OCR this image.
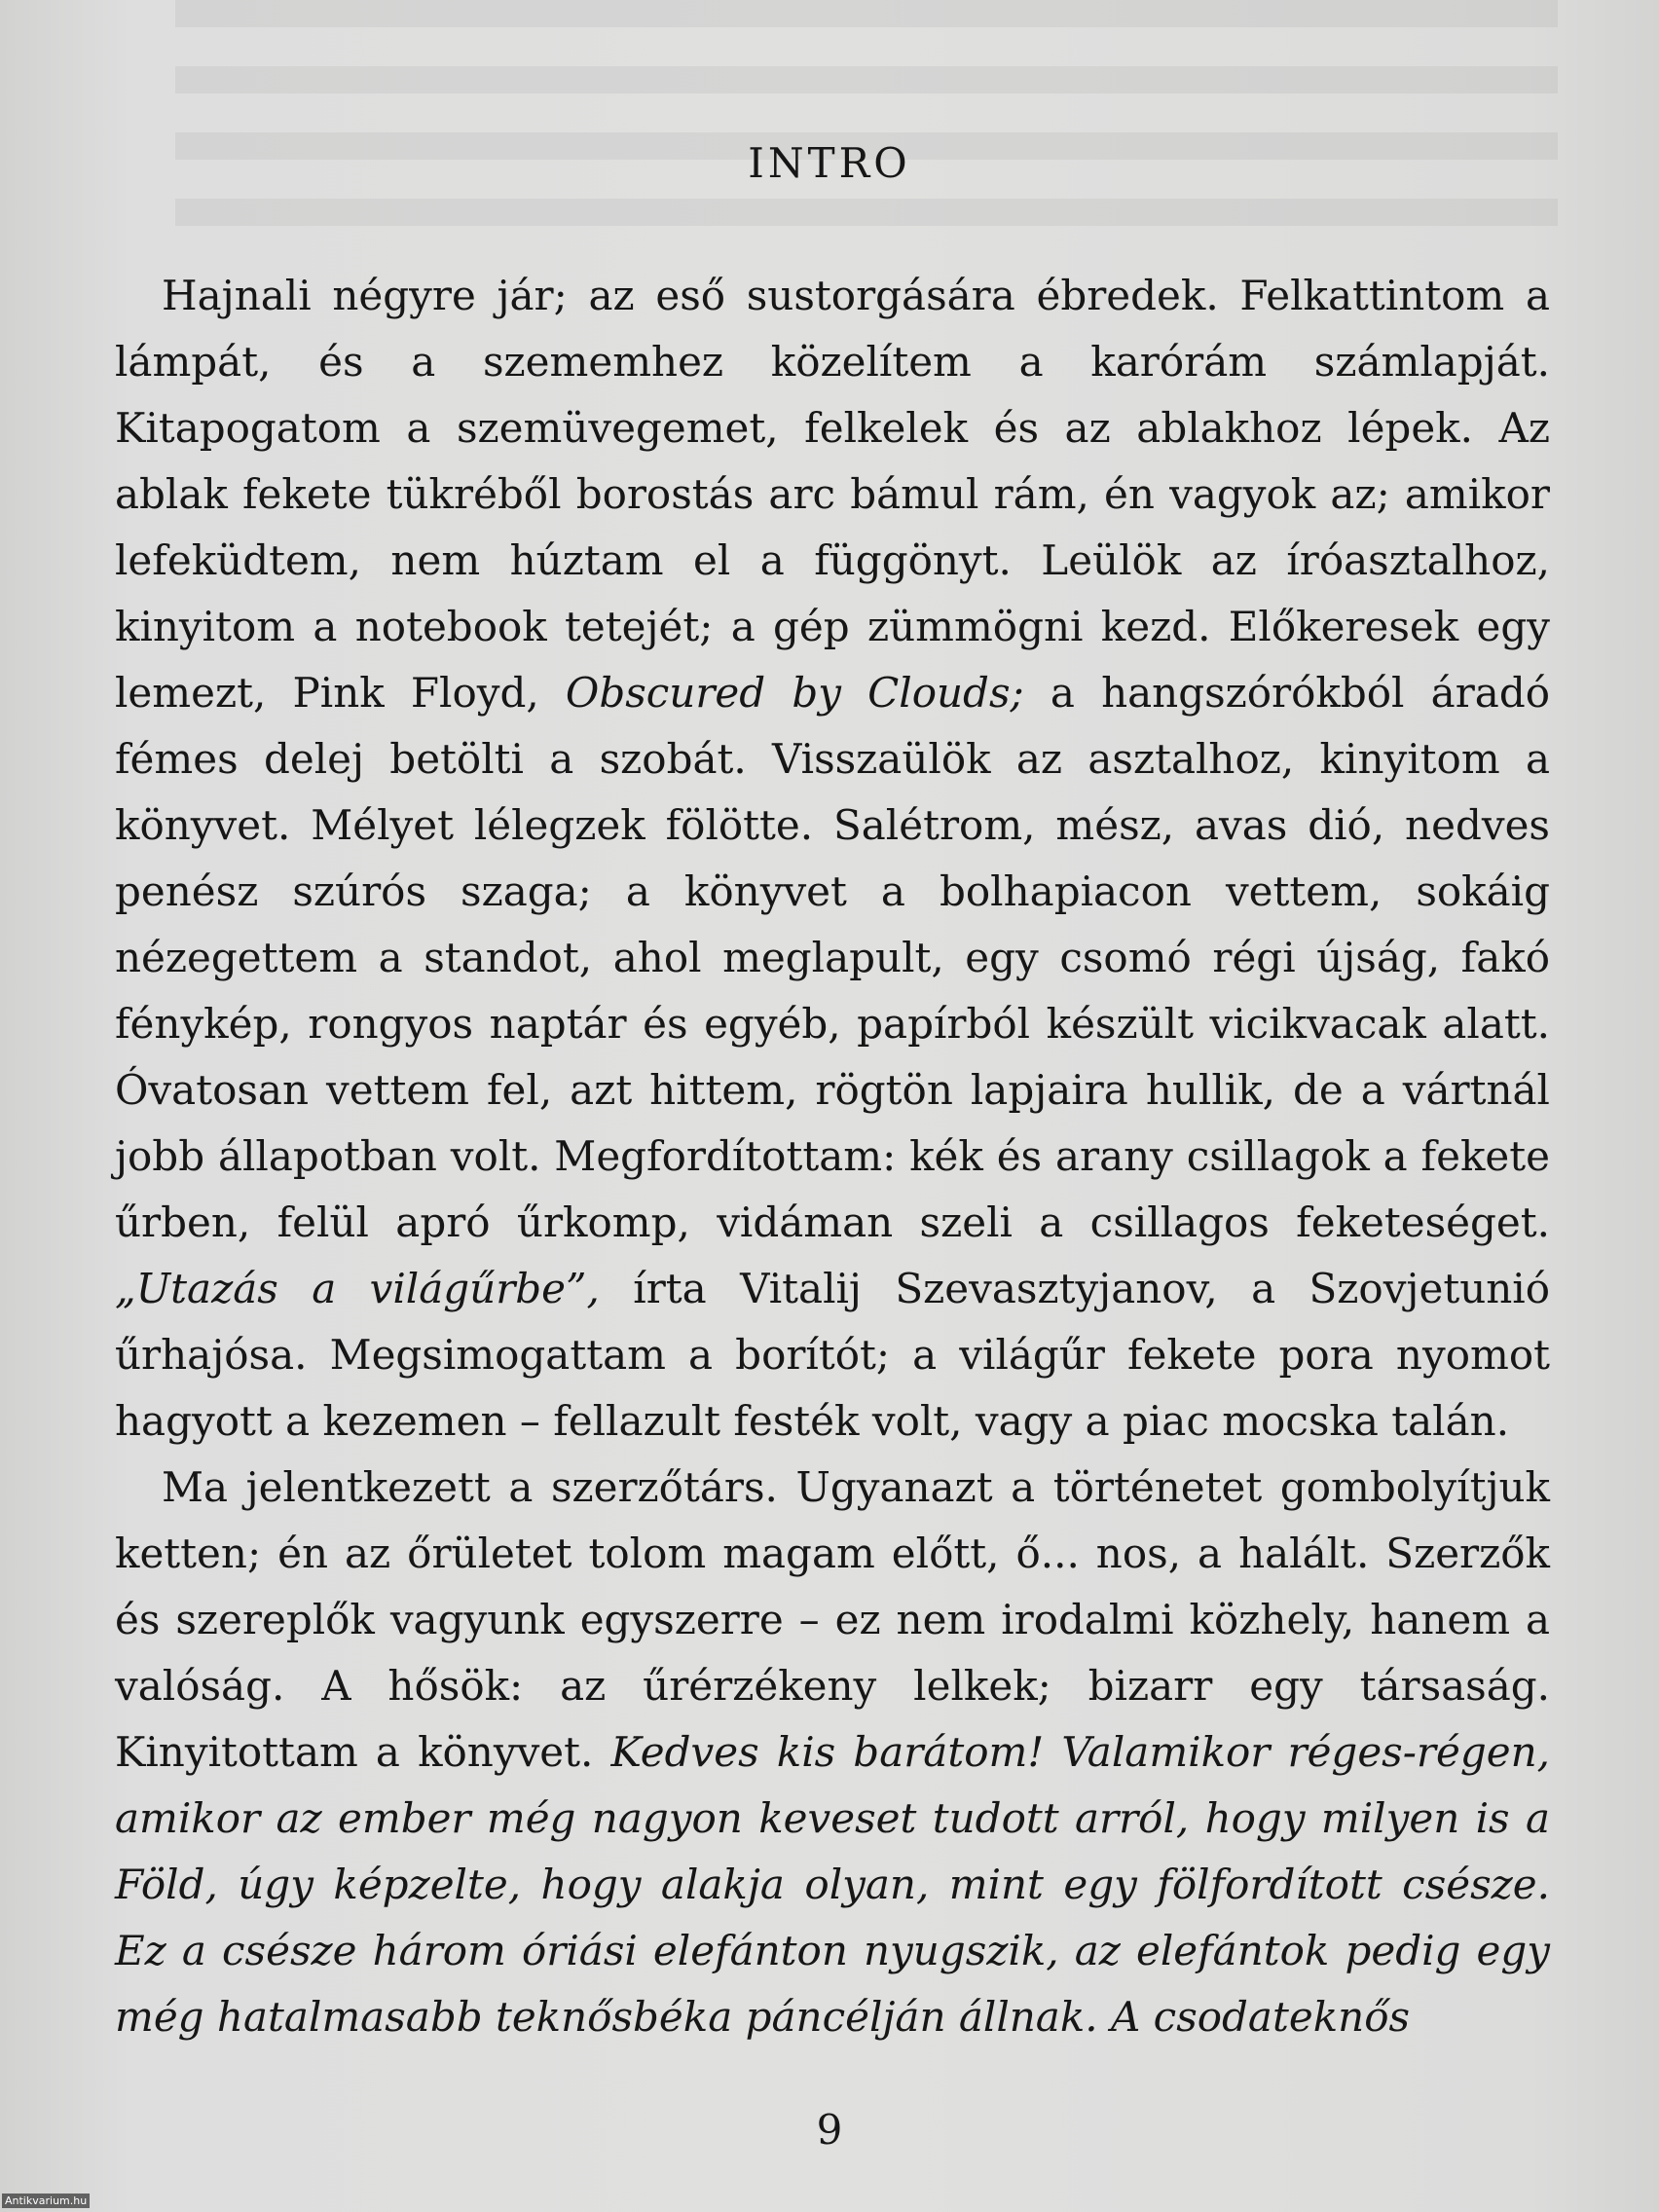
INTRO

Hajnali négyre jár; az eső sustorgására ébredek. Felkattintom a lámpát, és a szememhez közelítem a karórám számlapját. Kitapogatom a szemüvegemet, felkelek és az ablakhoz lépek. Az ablak fekete tükréből borostás arc bámul rám, én vagyok az; amikor lefeküdtem, nem húztam el a függönyt. Leülök az íróasztalhoz, kinyitom a notebook tetejét; a gép zümmögni kezd. Előkeresek egy lemezt, Pink Floyd, Obscured by Clouds; a hangszórókból áradó fémes delej betölti a szobát. Visszaülök az asztalhoz, kinyitom a könyvet. Mélyet lélegzek fölötte. Salétrom, mész, avas dió, nedves penész szúrós szaga; a könyvet a bolhapiacon vettem, sokáig nézegettem a standot, ahol meglapult, egy csomó régi újság, fakó fénykép, rongyos naptár és egyéb, papírból készült vicikvacak alatt. Óvatosan vettem fel, azt hittem, rögtön lapjaira hullik, de a vártnál jobb állapotban volt. Megfordítottam: kék és arany csillagok a fekete űrben, felül apró űrkomp, vidáman szeli a csillagos feketeséget. „Utazás a világűrbe”, írta Vitalij Szevasztyjanov, a Szovjetunió űrhajósa. Megsimogattam a borítót; a világűr fekete pora nyomot hagyott a kezemen – fellazult festék volt, vagy a piac mocska talán.

Ma jelentkezett a szerzőtárs. Ugyanazt a történetet gombolyítjuk ketten; én az őrületet tolom magam előtt, ő... nos, a halált. Szerzők és szereplők vagyunk egyszerre – ez nem irodalmi közhely, hanem a valóság. A hősök: az űrérzékeny lelkek; bizarr egy társaság. Kinyitottam a könyvet. Kedves kis barátom! Valamikor réges-régen, amikor az ember még nagyon keveset tudott arról, hogy milyen is a Föld, úgy képzelte, hogy alakja olyan, mint egy fölfordított csésze. Ez a csésze három óriási elefánton nyugszik, az elefántok pedig egy még hatalmasabb teknősbéka páncélján állnak. A csodateknős

9
Antikvarium.hu
